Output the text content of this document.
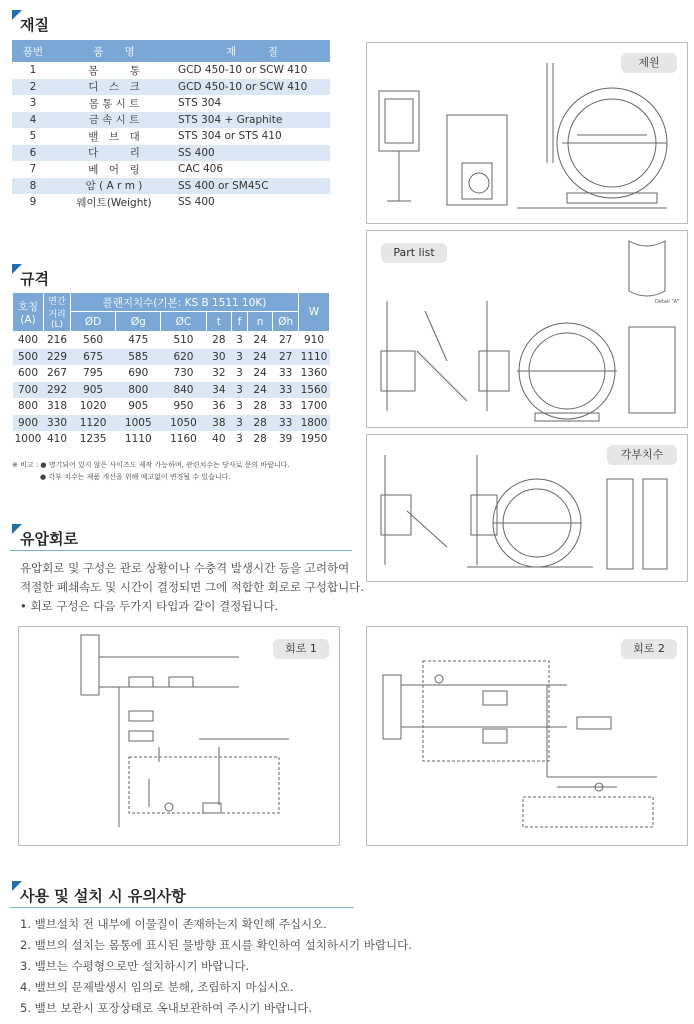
재질
품번	품　　명	재　　　질
1	몸　　　통	GCD 450-10 or SCW 410
2	디　스　크	GCD 450-10 or SCW 410
3	몸 통 시 트	STS 304
4	금 속 시 트	STS 304 + Graphite
5	밸　브　대	STS 304 or STS 410
6	다　　　리	SS 400
7	베　어　링	CAC 406
8	암 ( A r m )	SS 400 or SM45C
9	웨이트(Weight)	SS 400
규격
호칭 (A)	면간 거리 (L)	플랜지치수(기본: KS B 1511 10K)							W
		ØD	Øg	ØC	t	f	n	Øh	
400	216	560	475	510	28	3	24	27	910
500	229	675	585	620	30	3	24	27	1110
600	267	795	690	730	32	3	24	33	1360
700	292	905	800	840	34	3	24	33	1560
800	318	1020	905	950	36	3	28	33	1700
900	330	1120	1005	1050	38	3	28	33	1800
1000	410	1235	1110	1160	40	3	28	39	1950
※ 비고 : ● 명기되어 있지 않은 사이즈도 제작 가능하며, 관련치수는 당사로 문의 바랍니다.
● 각부 치수는 제품 개선을 위해 예고없이 변경될 수 있습니다.
유압회로
유압회로 및 구성은 관로 상황이나 수충격 발생시간 등을 고려하여
적절한 폐쇄속도 및 시간이 결정되면 그에 적합한 회로로 구성합니다.
• 회로 구성은 다음 두가지 타입과 같이 결정됩니다.
제원
Part list
Detail "A"
각부치수
회로 1	회로 2
사용 및 설치 시 유의사항
1. 밸브설치 전 내부에 이물질이 존재하는지 확인해 주십시오.
2. 밸브의 설치는 몸통에 표시된 물방향 표시를 확인하여 설치하시기 바랍니다.
3. 밸브는 수평형으로만 설치하시기 바랍니다.
4. 밸브의 문제발생시 임의로 분해, 조립하지 마십시오.
5. 밸브 보관시 포장상태로 옥내보관하여 주시기 바랍니다.
